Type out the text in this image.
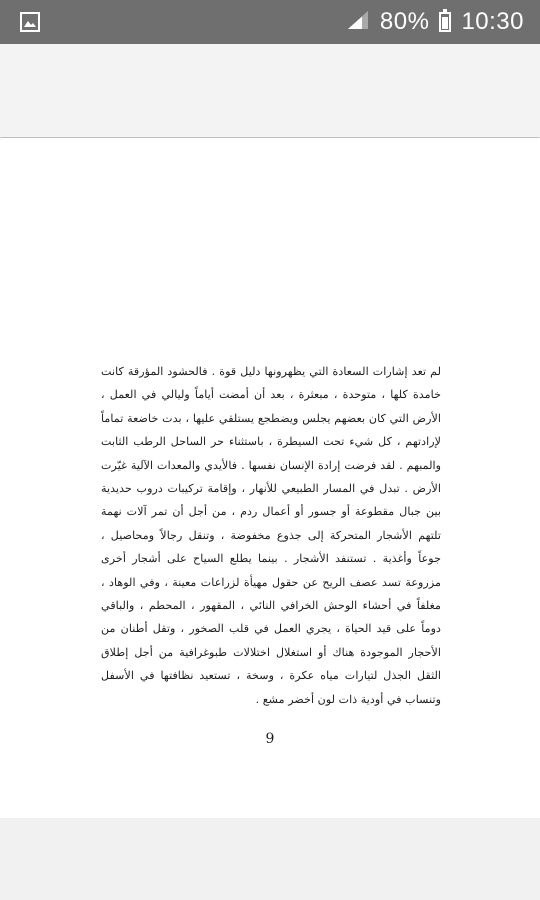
80% 10:30
لم تعد إشارات السعادة التي يظهرونها دليل قوة . فالحشود المؤرقة كانت خامدة كلها ، متوحدة ، مبعثرة ، بعد أن أمضت أياماً وليالي في العمل ، الأرض التي كان بعضهم يجلس ويضطجع يستلقي عليها ، بدت خاضعة تماماً لإرادتهم ، كل شيء تحت السيطرة ، باستثناء حر الساحل الرطب الثابت والمبهم . لقد فرضت إرادة الإنسان نفسها . فالأيدي والمعدات الآلية غيّرت الأرض . تبدل في المسار الطبيعي للأنهار ، وإقامة تركيبات دروب حديدية بين جبال مقطوعة أو جسور أو أعمال ردم ، من أجل أن تمر آلات نهمة تلتهم الأشجار المتحركة إلى جذوع مخفوضة ، وتنقل رجالاً ومحاصيل ، جوعاً وأغذية . تستنفد الأشجار . بينما يطلع السياح على أشجار أخرى مزروعة تسد عصف الريح عن حقول مهيأة لزراعات معينة ، وفي الوهاد ، مغلفاً في أحشاء الوحش الخرافي النائي ، المقهور ، المحطم ، والباقي دوماً على قيد الحياة ، يجري العمل في قلب الصخور ، وتقل أطنان من الأحجار الموجودة هناك أو استغلال اختلالات طبوغرافية من أجل إطلاق الثقل الجذل لتيارات مياه عكرة ، وسخة ، تستعيد نظافتها في الأسفل وتنساب في أودية ذات لون أخضر مشع .
9
